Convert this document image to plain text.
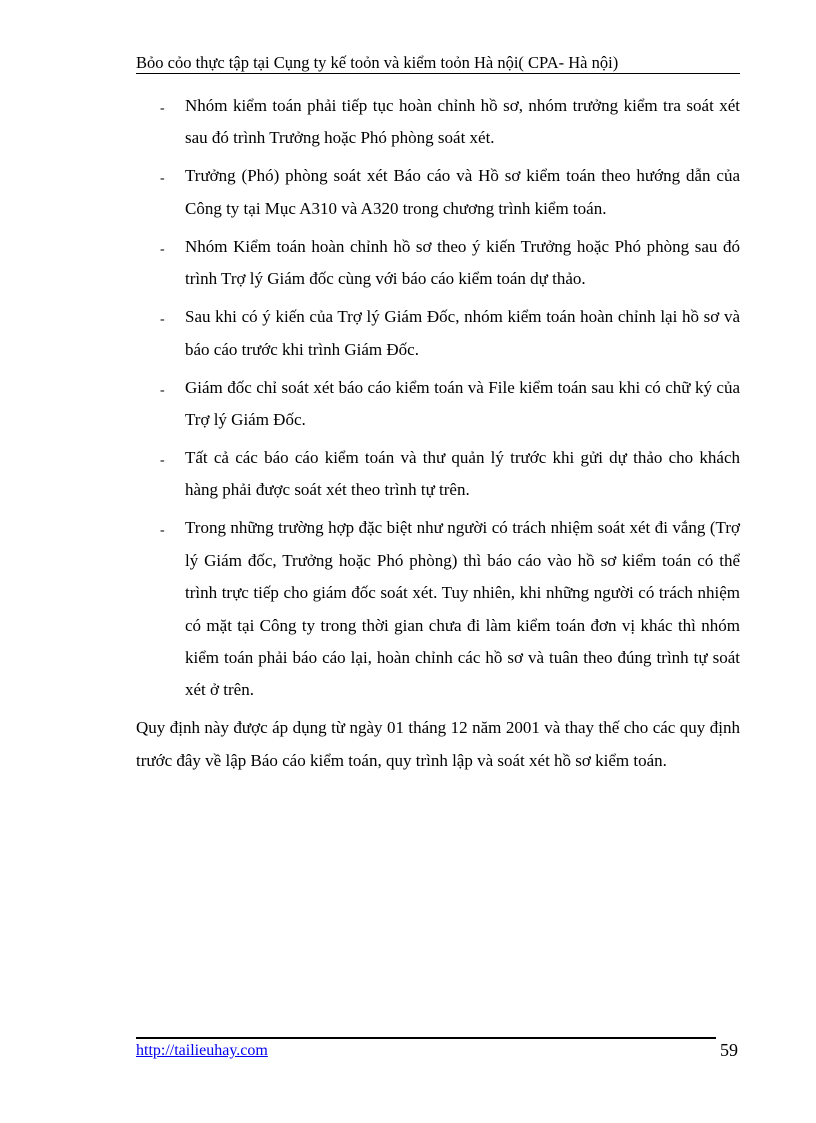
Bỏo cỏo thực tập tại Cụng ty kế toỏn và kiểm toỏn Hà nội( CPA- Hà nội)
-	Nhóm kiểm toán phải tiếp tục hoàn chỉnh hồ sơ, nhóm trưởng kiểm tra soát xét sau đó trình Trưởng hoặc Phó phòng soát xét.
-	Trưởng (Phó) phòng soát xét Báo cáo và Hồ sơ kiểm toán theo hướng dẫn của Công ty tại Mục A310 và A320 trong chương trình kiểm toán.
-	Nhóm Kiểm toán hoàn chỉnh hồ sơ theo ý kiến Trưởng hoặc Phó phòng sau đó trình Trợ lý Giám đốc cùng với báo cáo kiểm toán dự thảo.
-	Sau khi có ý kiến của Trợ lý Giám Đốc, nhóm kiểm toán hoàn chỉnh lại hồ sơ và báo cáo trước khi trình Giám Đốc.
-	Giám đốc chỉ soát xét báo cáo kiểm toán và File kiểm toán sau khi có chữ ký của Trợ lý Giám Đốc.
-	Tất cả các báo cáo kiểm toán và thư quản lý trước khi gửi dự thảo cho khách hàng phải được soát xét theo trình tự trên.
-	Trong những trường hợp đặc biệt như người có trách nhiệm soát xét đi vắng (Trợ lý Giám đốc, Trưởng hoặc Phó phòng) thì báo cáo vào hồ sơ kiểm toán có thể trình trực tiếp cho giám đốc soát xét. Tuy nhiên, khi những người có trách nhiệm có mặt tại Công ty trong thời gian chưa đi làm kiểm toán đơn vị khác thì nhóm kiểm toán phải báo cáo lại, hoàn chỉnh các hồ sơ và tuân theo đúng trình tự soát xét ở trên.

Quy định này được áp dụng từ ngày 01 tháng 12 năm 2001 và thay thế cho các quy định trước đây về lập Báo cáo kiểm toán, quy trình lập và soát xét hồ sơ kiểm toán.

http://tailieuhay.com	59
